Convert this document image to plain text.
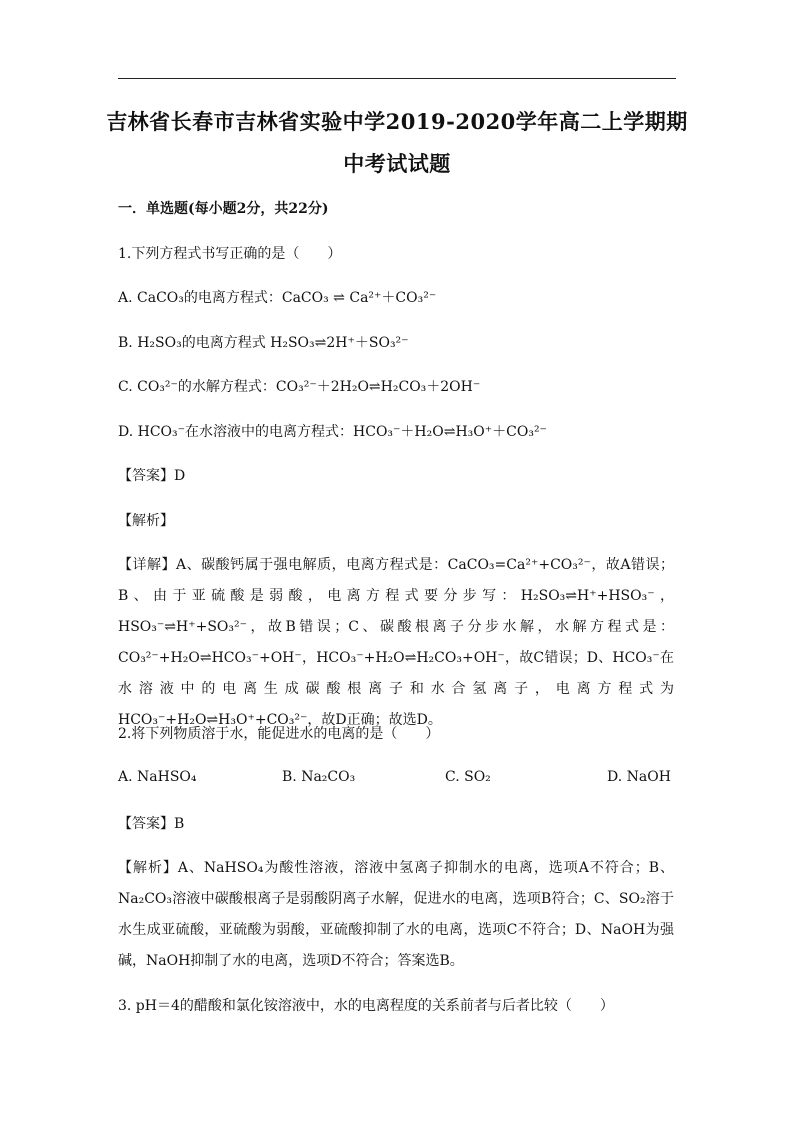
吉林省长春市吉林省实验中学2019-2020学年高二上学期期
中考试试题
一．单选题(每小题2分，共22分)
1.下列方程式书写正确的是（　　）
A. CaCO₃的电离方程式：CaCO₃ ⇌ Ca²⁺＋CO₃²⁻
B. H₂SO₃的电离方程式 H₂SO₃⇌2H⁺＋SO₃²⁻
C. CO₃²⁻的水解方程式：CO₃²⁻＋2H₂O⇌H₂CO₃＋2OH⁻
D. HCO₃⁻在水溶液中的电离方程式：HCO₃⁻＋H₂O⇌H₃O⁺＋CO₃²⁻
【答案】D
【解析】
【详解】A、碳酸钙属于强电解质，电离方程式是：CaCO₃=Ca²⁺+CO₃²⁻，故A错误；B、由于亚硫酸是弱酸，电离方程式要分步写：H₂SO₃⇌H⁺+HSO₃⁻，HSO₃⁻⇌H⁺+SO₃²⁻，故B错误；C、碳酸根离子分步水解，水解方程式是：CO₃²⁻+H₂O⇌HCO₃⁻+OH⁻，HCO₃⁻+H₂O⇌H₂CO₃+OH⁻，故C错误；D、HCO₃⁻在水溶液中的电离生成碳酸根离子和水合氢离子，电离方程式为HCO₃⁻+H₂O⇌H₃O⁺+CO₃²⁻，故D正确；故选D。
2.将下列物质溶于水，能促进水的电离的是（　　）
A. NaHSO₄	B. Na₂CO₃	C. SO₂	D. NaOH
【答案】B
【解析】A、NaHSO₄为酸性溶液，溶液中氢离子抑制水的电离，选项A不符合；B、Na₂CO₃溶液中碳酸根离子是弱酸阴离子水解，促进水的电离，选项B符合；C、SO₂溶于水生成亚硫酸，亚硫酸为弱酸，亚硫酸抑制了水的电离，选项C不符合；D、NaOH为强碱，NaOH抑制了水的电离，选项D不符合；答案选B。
3. pH＝4的醋酸和氯化铵溶液中，水的电离程度的关系前者与后者比较（　　）
